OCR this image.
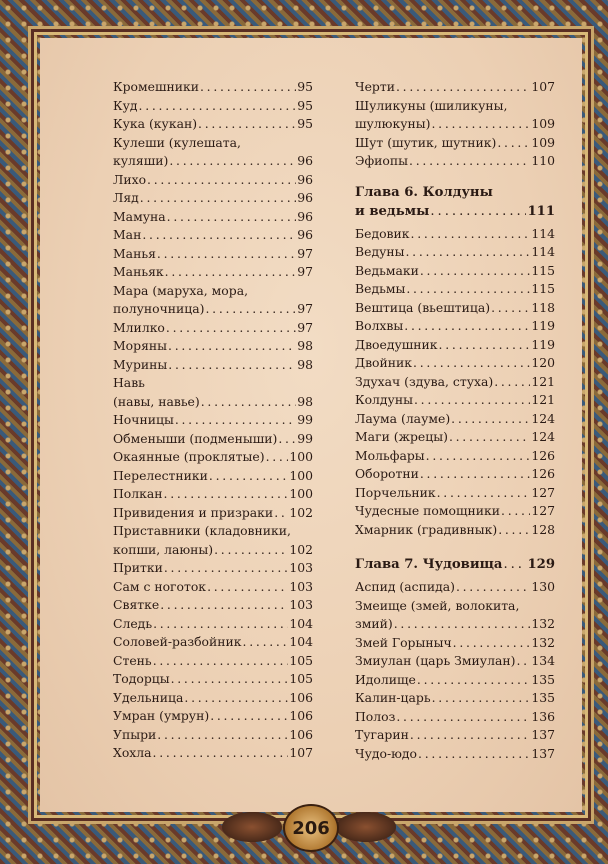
Кромешники . . .	95
Куд . . .	95
Кука (кукан) . . .	95
Кулеши (кулешата,
куляши) . . .	96
Лихо . . .	96
Ляд . . .	96
Мамуна . . .	96
Ман . . .	96
Манья . . .	97
Маньяк . . .	97
Мара (маруха, мора,
полуночница) . . .	97
Млилко . . .	97
Моряны . . .	98
Мурины . . .	98
Навь
(навы, навье) . . .	98
Ночницы . . .	99
Обменыши (подменыши) . . . 99
Окаянные (проклятые) . . . 100
Перелестники . . .	100
Полкан . . .	100
Привидения и призраки . . . 102
Приставники (кладовники,
копши, лаюны) . . .	102
Притки . . .	103
Сам с ноготок . . .	103
Святке . . .	103
Следь . . .	104
Соловей-разбойник . . .	104
Стень . . .	105
Тодорцы . . .	105
Удельница . . .	106
Умран (умрун) . . .	106
Упыри . . .	106
Хохла . . .	107
Черти . . .	107
Шуликуны (шиликуны,
шулюкуны) . . .	109
Шут (шутик, шутник) . . .	109
Эфиопы . . .	110
Глава 6. Колдуны
и ведьмы . . .	111
Бедовик . . .	114
Ведуны . . .	114
Ведьмаки . . .	115
Ведьмы . . .	115
Вештица (вьештица) . . .	118
Волхвы . . .	119
Двоедушник . . .	119
Двойник . . .	120
Здухач (здува, стуха) . . .	121
Колдуны . . .	121
Лаума (лауме) . . .	124
Маги (жрецы) . . .	124
Мольфары . . .	126
Оборотни . . .	126
Порчельник . . .	127
Чудесные помощники . . .	127
Хмарник (градивнык) . . .	128
Глава 7. Чудовища . . . 129
Аспид (аспида) . . .	130
Змеище (змей, волокита,
змий) . . .	132
Змей Горыныч . . .	132
Змиулан (царь Змиулан) . . . 134
Идолище . . .	135
Калин-царь . . .	135
Полоз . . .	136
Тугарин . . .	137
Чудо-юдо . . .	137
206
